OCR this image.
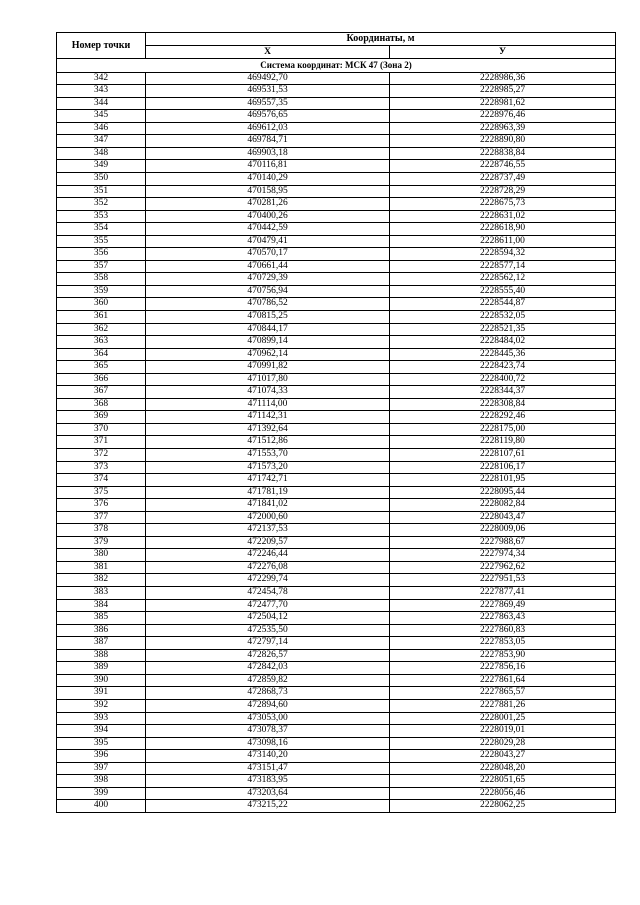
Номер точки	Координаты, м	
	X	У
Система координат: МСК 47 (Зона 2)		
342	469492,70	2228986,36
343	469531,53	2228985,27
344	469557,35	2228981,62
345	469576,65	2228976,46
346	469612,03	2228963,39
347	469784,71	2228890,80
348	469903,18	2228838,84
349	470116,81	2228746,55
350	470140,29	2228737,49
351	470158,95	2228728,29
352	470281,26	2228675,73
353	470400,26	2228631,02
354	470442,59	2228618,90
355	470479,41	2228611,00
356	470570,17	2228594,32
357	470661,44	2228577,14
358	470729,39	2228562,12
359	470756,94	2228555,40
360	470786,52	2228544,87
361	470815,25	2228532,05
362	470844,17	2228521,35
363	470899,14	2228484,02
364	470962,14	2228445,36
365	470991,82	2228423,74
366	471017,80	2228400,72
367	471074,33	2228344,37
368	471114,00	2228308,84
369	471142,31	2228292,46
370	471392,64	2228175,00
371	471512,86	2228119,80
372	471553,70	2228107,61
373	471573,20	2228106,17
374	471742,71	2228101,95
375	471781,19	2228095,44
376	471841,02	2228082,84
377	472000,60	2228043,47
378	472137,53	2228009,06
379	472209,57	2227988,67
380	472246,44	2227974,34
381	472276,08	2227962,62
382	472299,74	2227951,53
383	472454,78	2227877,41
384	472477,70	2227869,49
385	472504,12	2227863,43
386	472535,50	2227860,83
387	472797,14	2227853,05
388	472826,57	2227853,90
389	472842,03	2227856,16
390	472859,82	2227861,64
391	472868,73	2227865,57
392	472894,60	2227881,26
393	473053,00	2228001,25
394	473078,37	2228019,01
395	473098,16	2228029,28
396	473140,20	2228043,27
397	473151,47	2228048,20
398	473183,95	2228051,65
399	473203,64	2228056,46
400	473215,22	2228062,25
